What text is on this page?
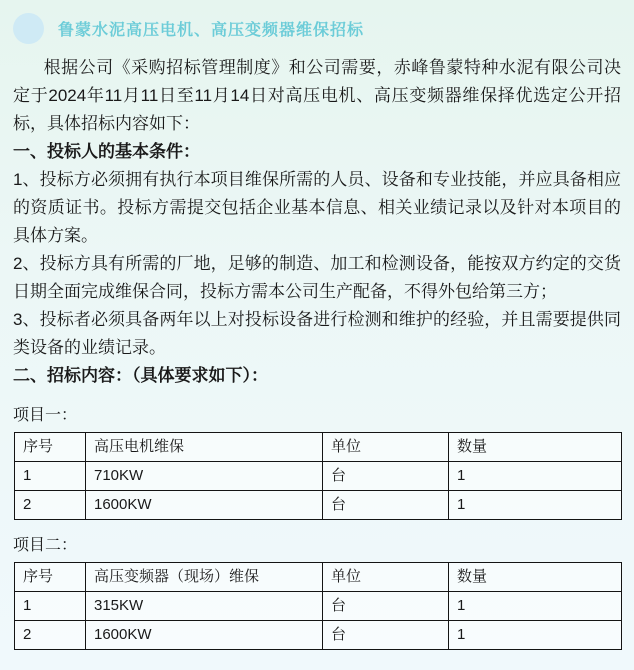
鲁蒙水泥高压电机、高压变频器维保招标

根据公司《采购招标管理制度》和公司需要，赤峰鲁蒙特种水泥有限公司决定于2024年11月11日至11月14日对高压电机、高压变频器维保择优选定公开招标，具体招标内容如下：

一、投标人的基本条件：

1、投标方必须拥有执行本项目维保所需的人员、设备和专业技能，并应具备相应的资质证书。投标方需提交包括企业基本信息、相关业绩记录以及针对本项目的具体方案。

2、投标方具有所需的厂地，足够的制造、加工和检测设备，能按双方约定的交货日期全面完成维保合同，投标方需本公司生产配备，不得外包给第三方；

3、投标者必须具备两年以上对投标设备进行检测和维护的经验，并且需要提供同类设备的业绩记录。

二、招标内容：（具体要求如下）：
项目一：
序号	高压电机维保	单位	数量
1	710KW	台	1
2	1600KW	台	1
项目二：
序号	高压变频器（现场）维保	单位	数量
1	315KW	台	1
2	1600KW	台	1
